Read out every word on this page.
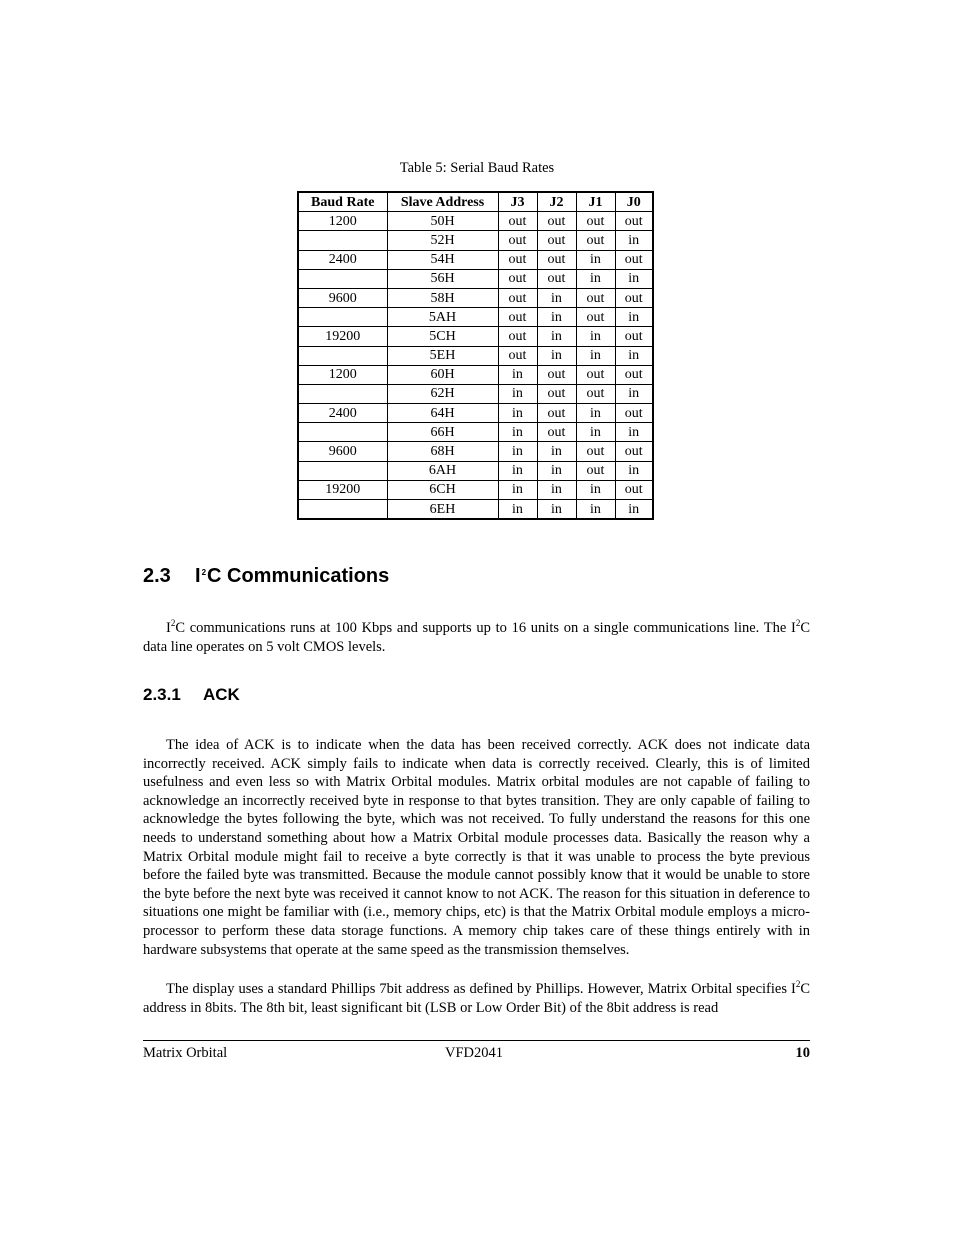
Table 5: Serial Baud Rates
Baud Rate	Slave Address	J3	J2	J1	J0
1200	50H	out	out	out	out
	52H	out	out	out	in
2400	54H	out	out	in	out
	56H	out	out	in	in
9600	58H	out	in	out	out
	5AH	out	in	out	in
19200	5CH	out	in	in	out
	5EH	out	in	in	in
1200	60H	in	out	out	out
	62H	in	out	out	in
2400	64H	in	out	in	out
	66H	in	out	in	in
9600	68H	in	in	out	out
	6AH	in	in	out	in
19200	6CH	in	in	in	out
	6EH	in	in	in	in
2.3 $I^2C$ Communications

$I^2C$ communications runs at 100 Kbps and supports up to 16 units on a single communications line. The $I^2C$ data line operates on 5 volt CMOS levels.

2.3.1 ACK

The idea of ACK is to indicate when the data has been received correctly. ACK does not indicate data incorrectly received. ACK simply fails to indicate when data is correctly received. Clearly, this is of limited usefulness and even less so with Matrix Orbital modules. Matrix orbital modules are not capable of failing to acknowledge an incorrectly received byte in response to that bytes transition. They are only capable of failing to acknowledge the bytes following the byte, which was not received. To fully understand the reasons for this one needs to understand something about how a Matrix Orbital module processes data. Basically the reason why a Matrix Orbital module might fail to receive a byte correctly is that it was unable to process the byte previous before the failed byte was transmitted. Because the module cannot possibly know that it would be unable to store the byte before the next byte was received it cannot know to not ACK. The reason for this situation in deference to situations one might be familiar with (i.e., memory chips, etc) is that the Matrix Orbital module employs a micro-processor to perform these data storage functions. A memory chip takes care of these things entirely with in hardware subsystems that operate at the same speed as the transmission themselves.

The display uses a standard Phillips 7bit address as defined by Phillips. However, Matrix Orbital specifies $I^2C$ address in 8bits. The 8th bit, least significant bit (LSB or Low Order Bit) of the 8bit address is read

Matrix Orbital	VFD2041	10
